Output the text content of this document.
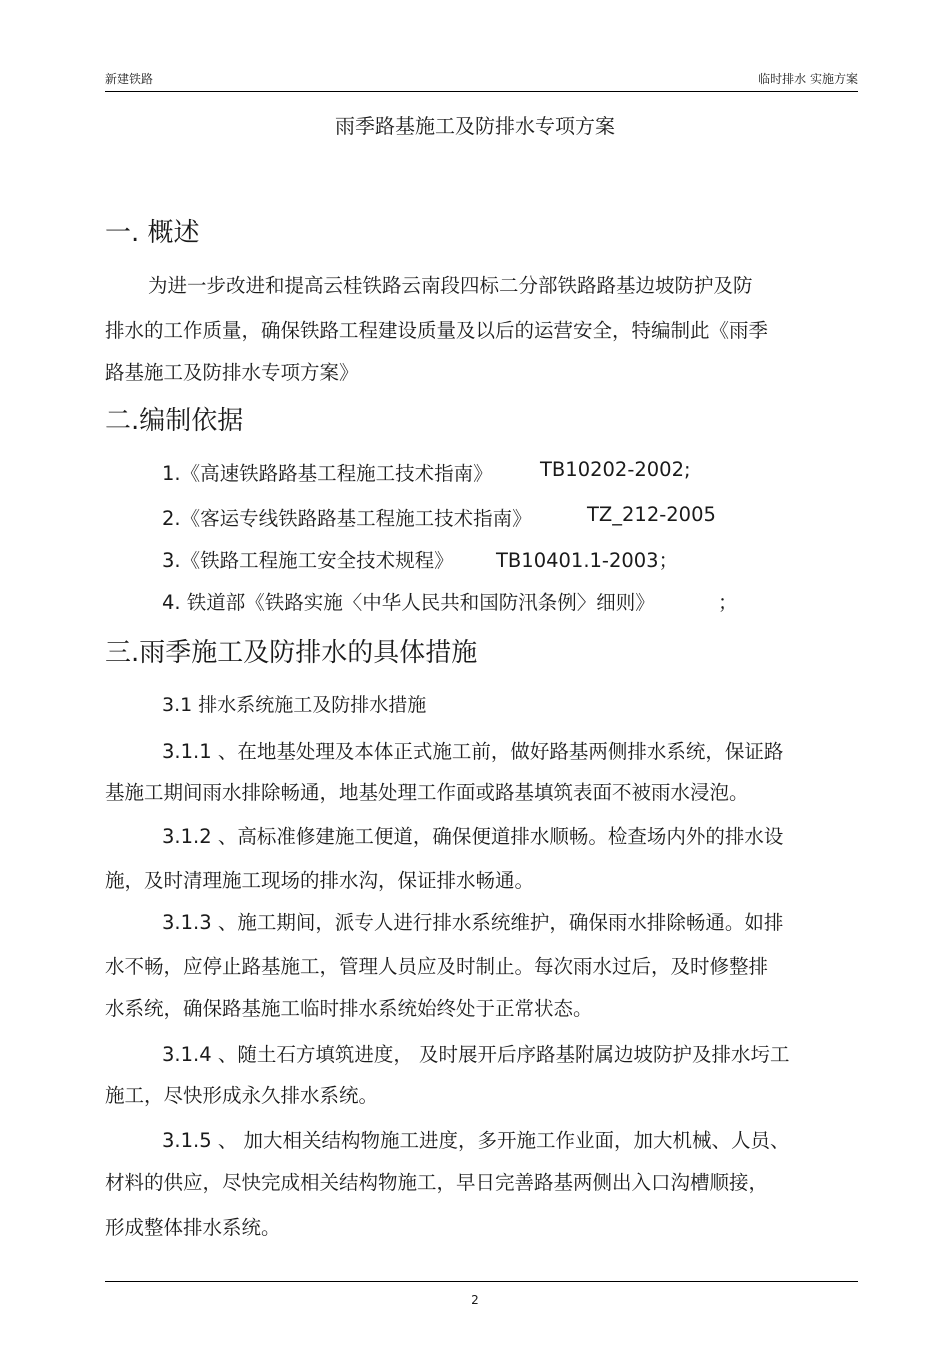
新建铁路	临时排水 实施方案
雨季路基施工及防排水专项方案
一. 概述
为进一步改进和提高云桂铁路云南段四标二分部铁路路基边坡防护及防
排水的工作质量，确保铁路工程建设质量及以后的运营安全，特编制此《雨季
路基施工及防排水专项方案》
二.编制依据
1.《高速铁路路基工程施工技术指南》 TB10202-2002;
2.《客运专线铁路路基工程施工技术指南》	TZ_212-2005
3.《铁路工程施工安全技术规程》 TB10401.1-2003；
4. 铁道部《铁路实施〈中华人民共和国防汛条例〉细则》	；
三.雨季施工及防排水的具体措施
3.1 排水系统施工及防排水措施
3.1.1 、在地基处理及本体正式施工前，做好路基两侧排水系统，保证路
基施工期间雨水排除畅通，地基处理工作面或路基填筑表面不被雨水浸泡。
3.1.2 、高标准修建施工便道，确保便道排水顺畅。检查场内外的排水设
施，及时清理施工现场的排水沟，保证排水畅通。
3.1.3 、施工期间，派专人进行排水系统维护，确保雨水排除畅通。如排
水不畅，应停止路基施工，管理人员应及时制止。每次雨水过后，及时修整排
水系统，确保路基施工临时排水系统始终处于正常状态。
3.1.4 、随土石方填筑进度， 及时展开后序路基附属边坡防护及排水圬工
施工，尽快形成永久排水系统。
3.1.5 、 加大相关结构物施工进度，多开施工作业面，加大机械、人员、
材料的供应，尽快完成相关结构物施工，早日完善路基两侧出入口沟槽顺接，
形成整体排水系统。
2
